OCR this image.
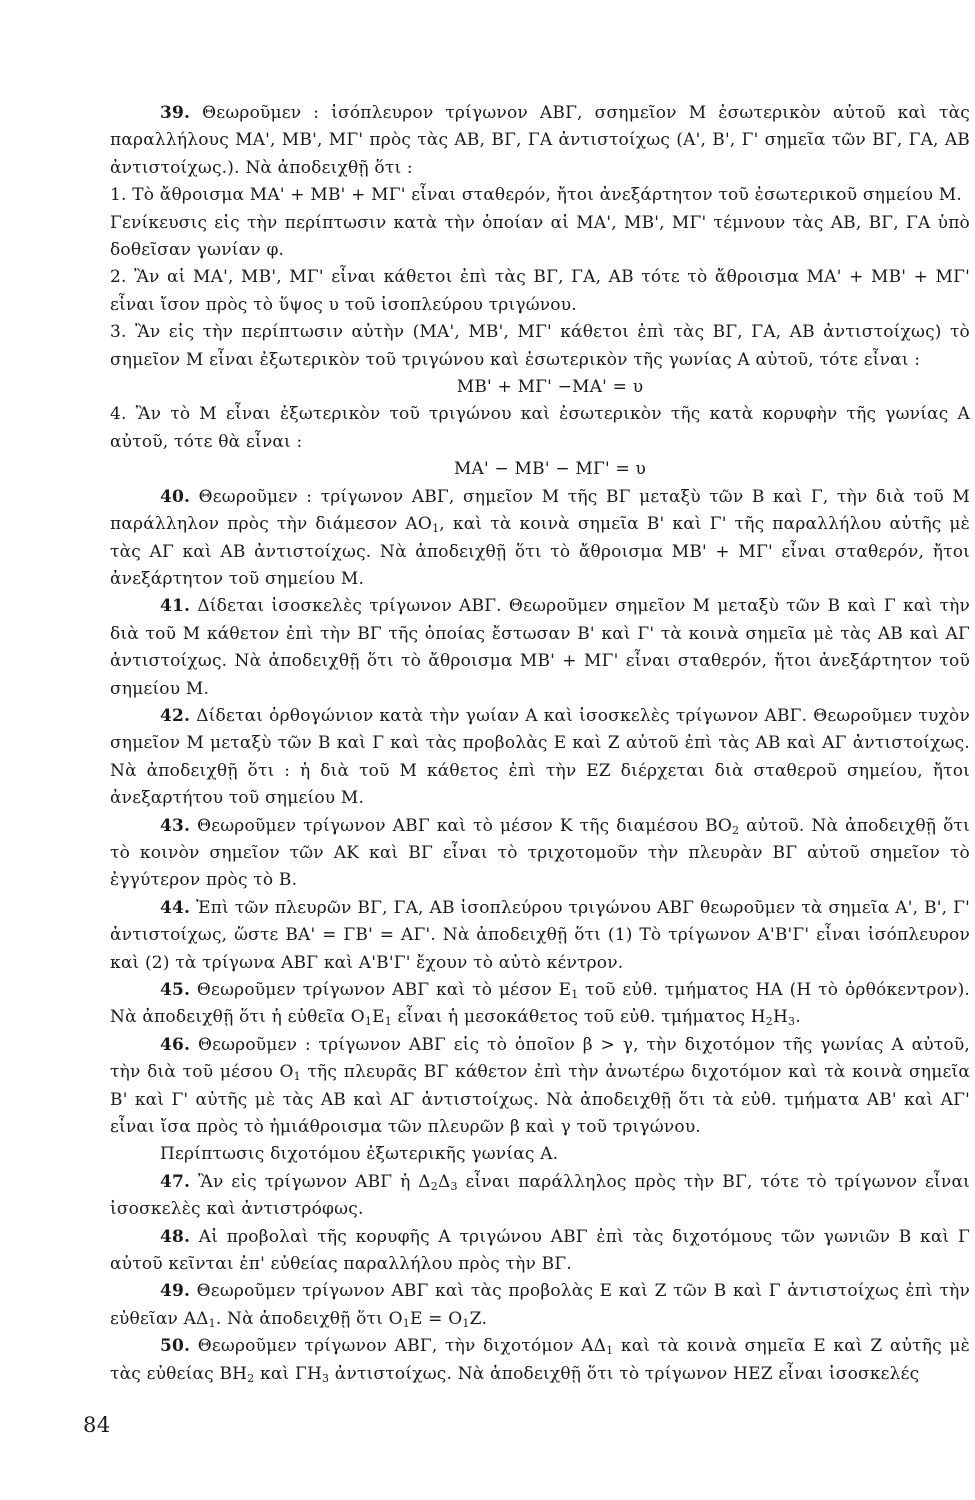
39. Θεωροῦμεν : ἰσόπλευρον τρίγωνον ΑΒΓ, σσημεῖον Μ ἐσωτερικὸν αὐτοῦ καὶ τὰς παραλλήλους ΜΑ', ΜΒ', ΜΓ' πρὸς τὰς ΑΒ, ΒΓ, ΓΑ ἀντιστοίχως (Α', Β', Γ' σημεῖα τῶν ΒΓ, ΓΑ, ΑΒ ἀντιστοίχως.). Νὰ ἀποδειχθῇ ὅτι :

1. Τὸ ἄθροισμα ΜΑ' + ΜΒ' + ΜΓ' εἶναι σταθερόν, ἤτοι ἀνεξάρτητον τοῦ ἐσωτερικοῦ σημείου Μ.

Γενίκευσις εἰς τὴν περίπτωσιν κατὰ τὴν ὁποίαν αἱ ΜΑ', ΜΒ', ΜΓ' τέμνουν τὰς ΑΒ, ΒΓ, ΓΑ ὑπὸ δοθεῖσαν γωνίαν φ.

2. Ἂν αἱ ΜΑ', ΜΒ', ΜΓ' εἶναι κάθετοι ἐπὶ τὰς ΒΓ, ΓΑ, ΑΒ τότε τὸ ἄθροισμα ΜΑ' + ΜΒ' + ΜΓ' εἶναι ἴσον πρὸς τὸ ὕψος υ τοῦ ἰσοπλεύρου τριγώνου.

3. Ἂν εἰς τὴν περίπτωσιν αὐτὴν (ΜΑ', ΜΒ', ΜΓ' κάθετοι ἐπὶ τὰς ΒΓ, ΓΑ, ΑΒ ἀντιστοίχως) τὸ σημεῖον Μ εἶναι ἐξωτερικὸν τοῦ τριγώνου καὶ ἐσωτερικὸν τῆς γωνίας Α αὐτοῦ, τότε εἶναι :

ΜΒ' + ΜΓ' −ΜΑ' = υ

4. Ἂν τὸ Μ εἶναι ἐξωτερικὸν τοῦ τριγώνου καὶ ἐσωτερικὸν τῆς κατὰ κορυφὴν τῆς γωνίας Α αὐτοῦ, τότε θὰ εἶναι :

ΜΑ' − ΜΒ' − ΜΓ' = υ

40. Θεωροῦμεν : τρίγωνον ΑΒΓ, σημεῖον Μ τῆς ΒΓ μεταξὺ τῶν Β καὶ Γ, τὴν διὰ τοῦ Μ παράλληλον πρὸς τὴν διάμεσον $AO_1$, καὶ τὰ κοινὰ σημεῖα Β' καὶ Γ' τῆς παραλλήλου αὐτῆς μὲ τὰς ΑΓ καὶ ΑΒ ἀντιστοίχως. Νὰ ἀποδειχθῇ ὅτι τὸ ἄθροισμα ΜΒ' + ΜΓ' εἶναι σταθερόν, ἤτοι ἀνεξάρτητον τοῦ σημείου Μ.

41. Δίδεται ἰσοσκελὲς τρίγωνον ΑΒΓ. Θεωροῦμεν σημεῖον Μ μεταξὺ τῶν Β καὶ Γ καὶ τὴν διὰ τοῦ Μ κάθετον ἐπὶ τὴν ΒΓ τῆς ὁποίας ἔστωσαν Β' καὶ Γ' τὰ κοινὰ σημεῖα μὲ τὰς ΑΒ καὶ ΑΓ ἀντιστοίχως. Νὰ ἀποδειχθῇ ὅτι τὸ ἄθροισμα ΜΒ' + ΜΓ' εἶναι σταθερόν, ἤτοι ἀνεξάρτητον τοῦ σημείου Μ.

42. Δίδεται ὀρθογώνιον κατὰ τὴν γωίαν Α καὶ ἰσοσκελὲς τρίγωνον ΑΒΓ. Θεωροῦμεν τυχὸν σημεῖον Μ μεταξὺ τῶν Β καὶ Γ καὶ τὰς προβολὰς Ε καὶ Ζ αὐτοῦ ἐπὶ τὰς ΑΒ καὶ ΑΓ ἀντιστοίχως. Νὰ ἀποδειχθῇ ὅτι : ἡ διὰ τοῦ Μ κάθετος ἐπὶ τὴν ΕΖ διέρχεται διὰ σταθεροῦ σημείου, ἤτοι ἀνεξαρτήτου τοῦ σημείου Μ.

43. Θεωροῦμεν τρίγωνον ΑΒΓ καὶ τὸ μέσον Κ τῆς διαμέσου $BO_2$ αὐτοῦ. Νὰ ἀποδειχθῇ ὅτι τὸ κοινὸν σημεῖον τῶν ΑΚ καὶ ΒΓ εἶναι τὸ τριχοτομοῦν τὴν πλευρὰν ΒΓ αὐτοῦ σημεῖον τὸ ἐγγύτερον πρὸς τὸ Β.

44. Ἐπὶ τῶν πλευρῶν ΒΓ, ΓΑ, ΑΒ ἰσοπλεύρου τριγώνου ΑΒΓ θεωροῦμεν τὰ σημεῖα Α', Β', Γ' ἀντιστοίχως, ὥστε ΒΑ' = ΓΒ' = ΑΓ'. Νὰ ἀποδειχθῇ ὅτι (1) Τὸ τρίγωνον Α'Β'Γ' εἶναι ἰσόπλευρον καὶ (2) τὰ τρίγωνα ΑΒΓ καὶ Α'Β'Γ' ἔχουν τὸ αὐτὸ κέντρον.

45. Θεωροῦμεν τρίγωνον ΑΒΓ καὶ τὸ μέσον $E_1$ τοῦ εὐθ. τμήματος ΗΑ (Η τὸ ὀρθόκεντρον). Νὰ ἀποδειχθῇ ὅτι ἡ εὐθεῖα $O_1E_1$ εἶναι ἡ μεσοκάθετος τοῦ εὐθ. τμήματος $H_2H_3$.

46. Θεωροῦμεν : τρίγωνον ΑΒΓ εἰς τὸ ὁποῖον β > γ, τὴν διχοτόμον τῆς γωνίας Α αὐτοῦ, τὴν διὰ τοῦ μέσου $O_1$ τῆς πλευρᾶς ΒΓ κάθετον ἐπὶ τὴν ἀνωτέρω διχοτόμον καὶ τὰ κοινὰ σημεῖα Β' καὶ Γ' αὐτῆς μὲ τὰς ΑΒ καὶ ΑΓ ἀντιστοίχως. Νὰ ἀποδειχθῇ ὅτι τὰ εὐθ. τμήματα ΑΒ' καὶ ΑΓ' εἶναι ἴσα πρὸς τὸ ἡμιάθροισμα τῶν πλευρῶν β καὶ γ τοῦ τριγώνου.

Περίπτωσις διχοτόμου ἐξωτερικῆς γωνίας Α.

47. Ἂν εἰς τρίγωνον ΑΒΓ ἡ $\Delta_2\Delta_3$ εἶναι παράλληλος πρὸς τὴν ΒΓ, τότε τὸ τρίγωνον εἶναι ἰσοσκελὲς καὶ ἀντιστρόφως.

48. Αἱ προβολαὶ τῆς κορυφῆς Α τριγώνου ΑΒΓ ἐπὶ τὰς διχοτόμους τῶν γωνιῶν Β καὶ Γ αὐτοῦ κεῖνται ἐπ' εὐθείας παραλλήλου πρὸς τὴν ΒΓ.

49. Θεωροῦμεν τρίγωνον ΑΒΓ καὶ τὰς προβολὰς Ε καὶ Ζ τῶν Β καὶ Γ ἀντιστοίχως ἐπὶ τὴν εὐθεῖαν $A\Delta_1$. Νὰ ἀποδειχθῇ ὅτι $O_1E = O_1Z$.

50. Θεωροῦμεν τρίγωνον ΑΒΓ, τὴν διχοτόμον $A\Delta_1$ καὶ τὰ κοινὰ σημεῖα Ε καὶ Ζ αὐτῆς μὲ τὰς εὐθείας $BH_2$ καὶ $\Gamma H_3$ ἀντιστοίχως. Νὰ ἀποδειχθῇ ὅτι τὸ τρίγωνον ΗΕΖ εἶναι ἰσοσκελές

84
